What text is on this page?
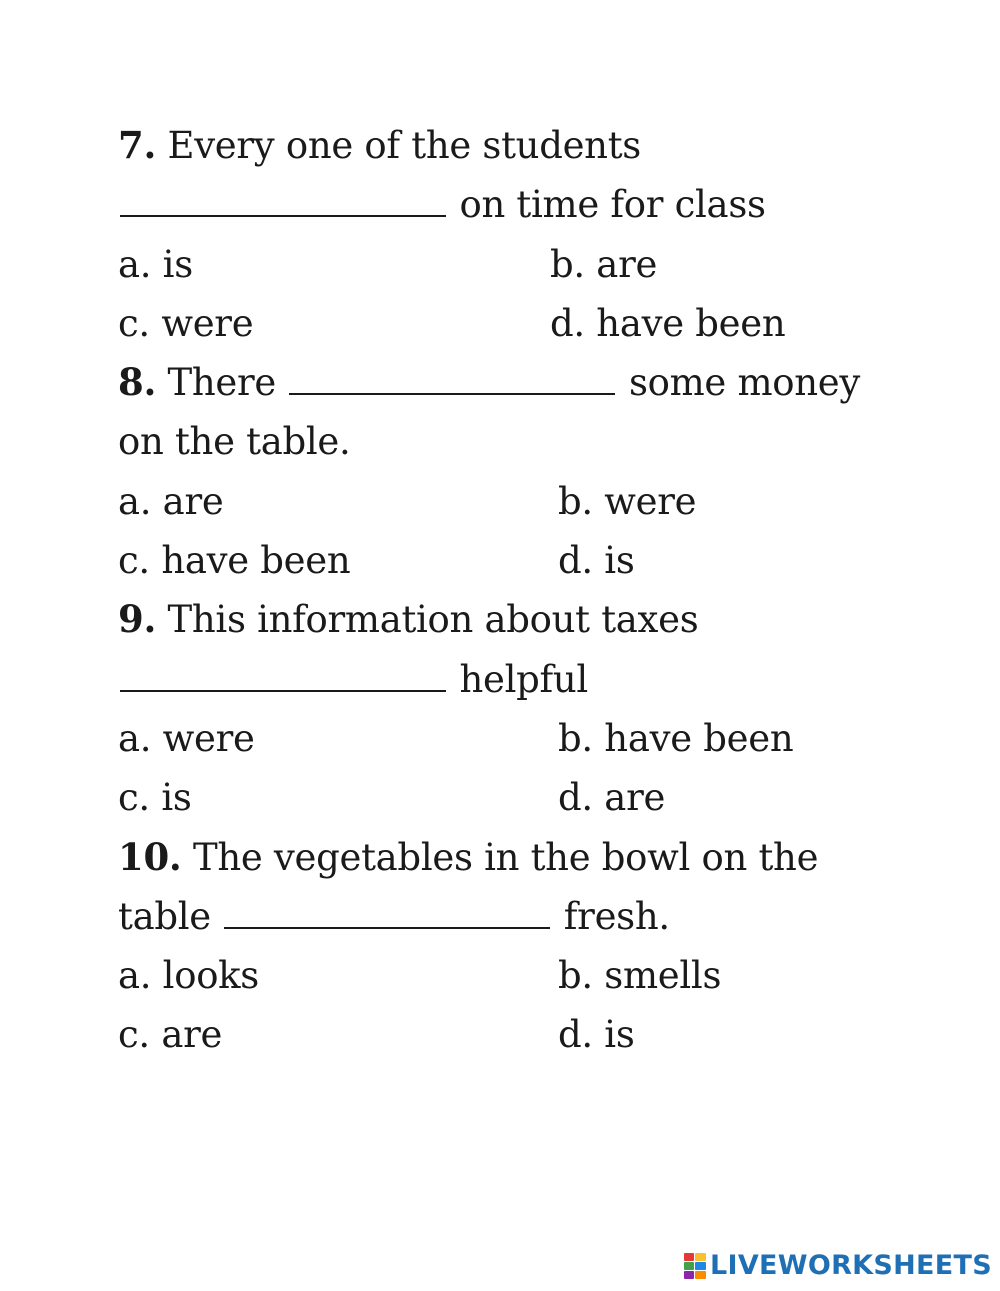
7. Every one of the students
on time for class
a. is	b. are
c. were	d. have been
8. There	some money
on the table.
a. are	b. were
c. have been	d. is
9. This information about taxes
helpful
a. were	b. have been
c. is	d. are
10. The vegetables in the bowl on the
table	fresh.
a. looks	b. smells
c. are	d. is
LIVEWORKSHEETS
